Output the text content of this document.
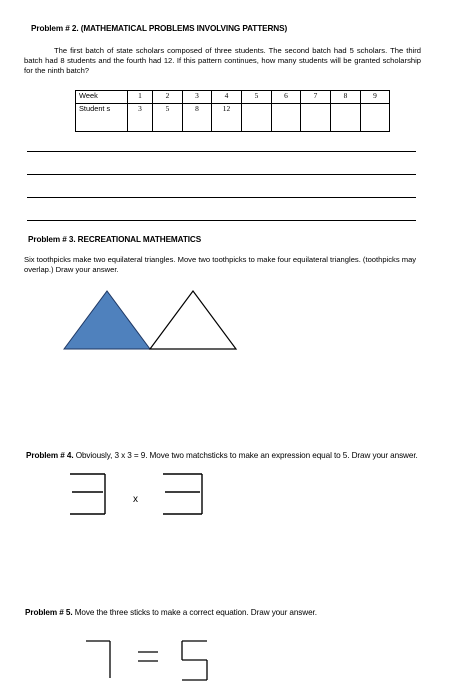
Problem # 2. (MATHEMATICAL PROBLEMS INVOLVING PATTERNS)
The first batch of state scholars composed of three students. The second batch had 5 scholars. The third batch had 8 students and the fourth had 12. If this pattern continues, how many students will be granted scholarship for the ninth batch?
Week	1	2	3	4	5	6	7	8	9

Student s	3	5	8	12					
Problem # 3. RECREATIONAL MATHEMATICS
Six toothpicks make two equilateral triangles. Move two toothpicks to make four equilateral triangles. (toothpicks may overlap.) Draw your answer.
Problem # 4. Obviously, 3 x 3 = 9. Move two matchsticks to make an expression equal to 5. Draw your answer.
x
Problem # 5. Move the three sticks to make a correct equation. Draw your answer.
